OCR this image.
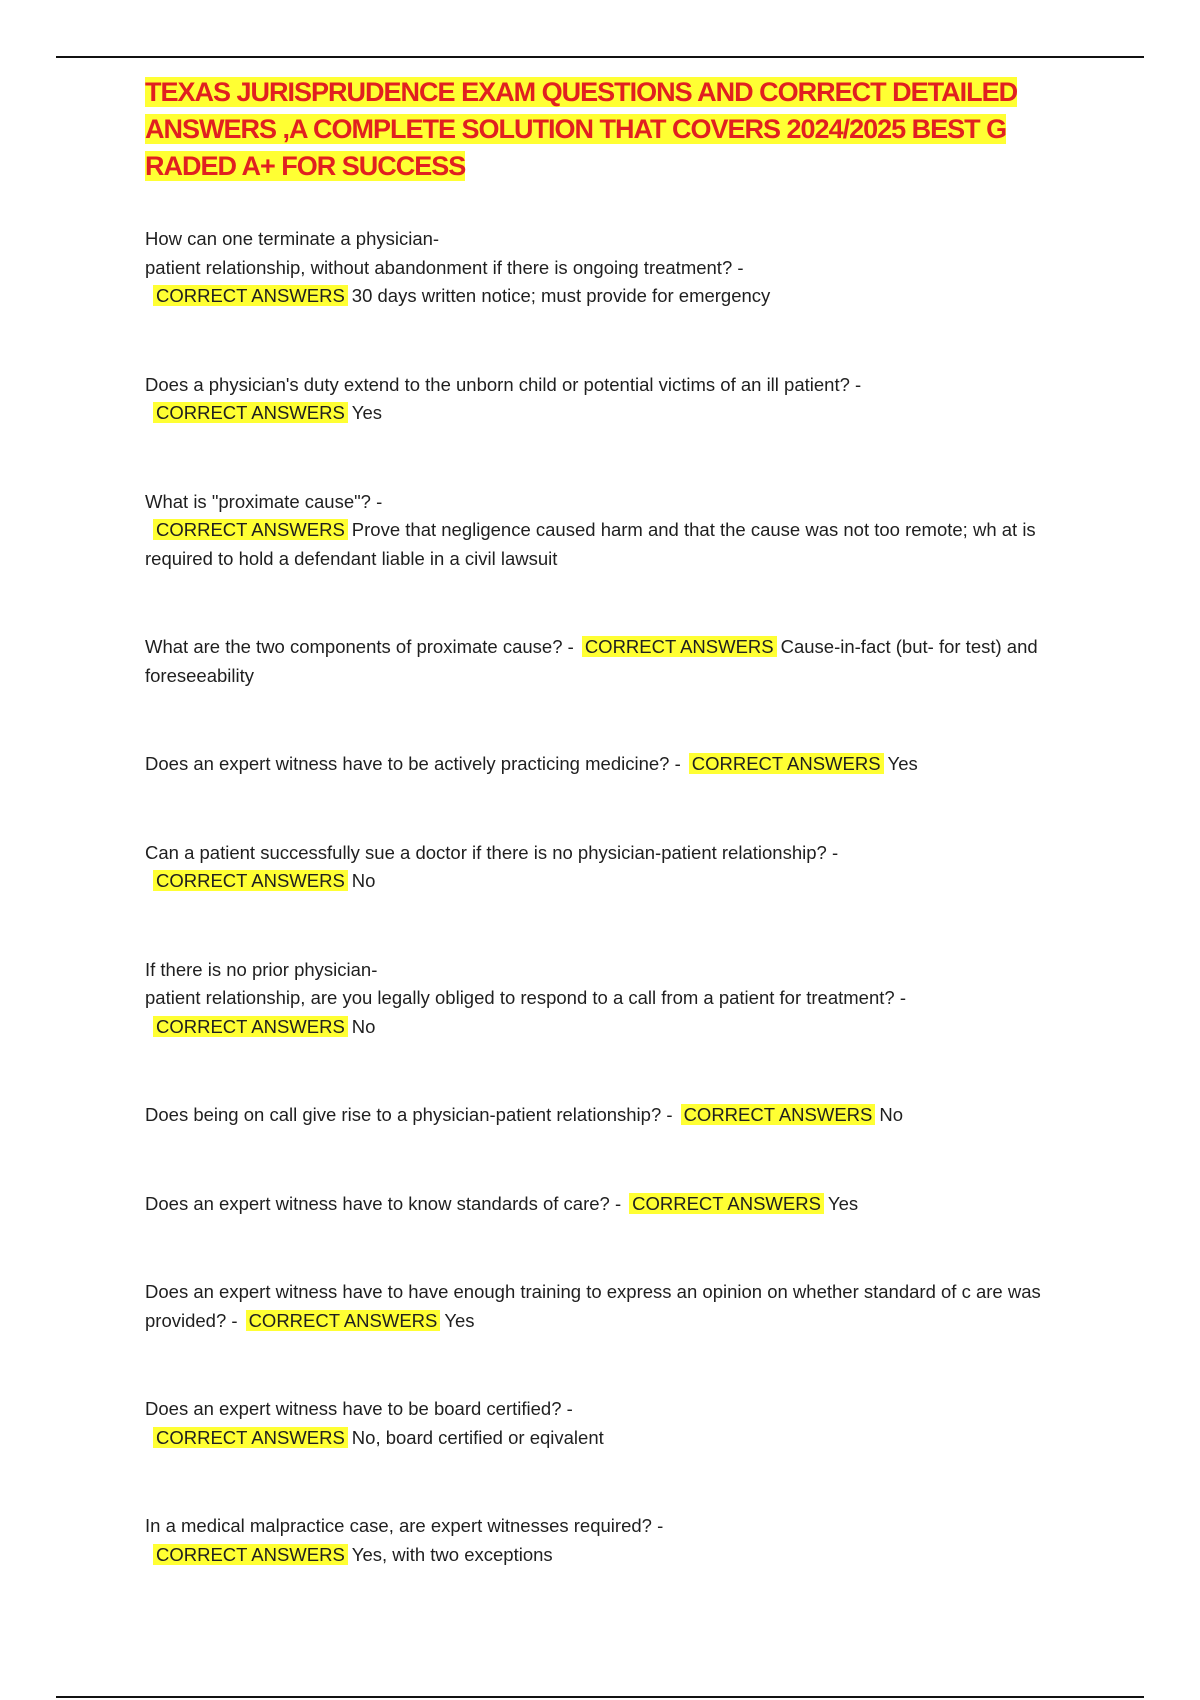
TEXAS JURISPRUDENCE EXAM QUESTIONS AND CORRECT DETAILED ANSWERS ,A COMPLETE SOLUTION THAT COVERS 2024/2025 BEST G RADED A+ FOR SUCCESS
How can one terminate a physician-
patient relationship, without abandonment if there is ongoing treatment? -
CORRECT ANSWERS 30 days written notice; must provide for emergency
Does a physician's duty extend to the unborn child or potential victims of an ill patient? -
CORRECT ANSWERS Yes
What is "proximate cause"? -
CORRECT ANSWERS Prove that negligence caused harm and that the cause was not too remote; wh at is required to hold a defendant liable in a civil lawsuit
What are the two components of proximate cause? - CORRECT ANSWERS Cause-in-fact (but- for test) and foreseeability
Does an expert witness have to be actively practicing medicine? - CORRECT ANSWERS Yes
Can a patient successfully sue a doctor if there is no physician-patient relationship? -
CORRECT ANSWERS No
If there is no prior physician-
patient relationship, are you legally obliged to respond to a call from a patient for treatment? -
CORRECT ANSWERS No
Does being on call give rise to a physician-patient relationship? - CORRECT ANSWERS No
Does an expert witness have to know standards of care? - CORRECT ANSWERS Yes
Does an expert witness have to have enough training to express an opinion on whether standard of c are was provided? - CORRECT ANSWERS Yes
Does an expert witness have to be board certified? -
CORRECT ANSWERS No, board certified or eqivalent
In a medical malpractice case, are expert witnesses required? -
CORRECT ANSWERS Yes, with two exceptions
